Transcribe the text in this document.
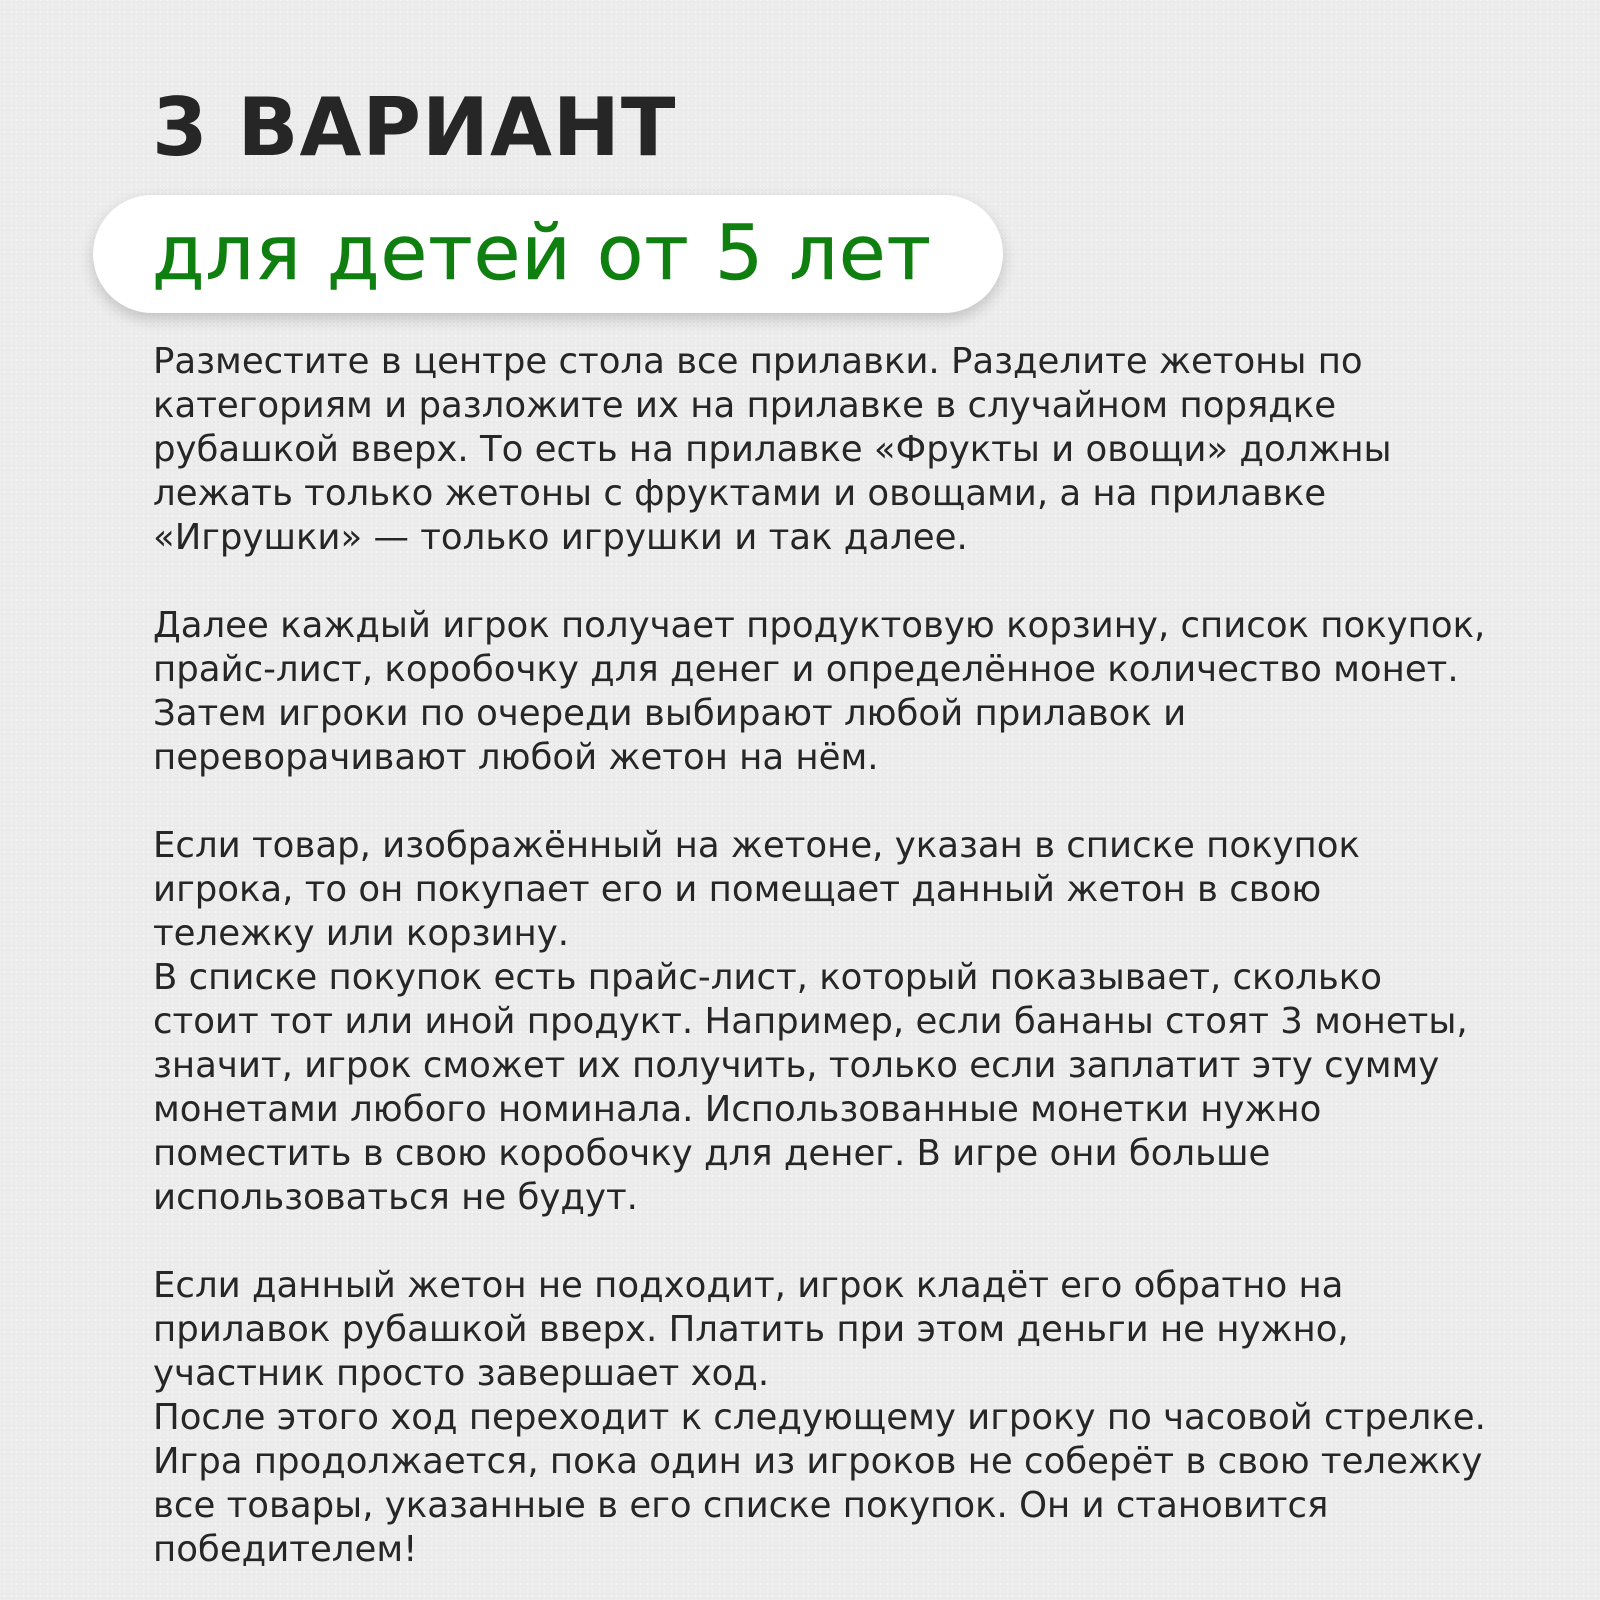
3 ВАРИАНТ
для детей от 5 лет

Разместите в центре стола все прилавки. Разделите жетоны по категориям и разложите их на прилавке в случайном порядке рубашкой вверх. То есть на прилавке «Фрукты и овощи» должны лежать только жетоны с фруктами и овощами, а на прилавке «Игрушки» — только игрушки и так далее.

Далее каждый игрок получает продуктовую корзину, список покупок, прайс-лист, коробочку для денег и определённое количество монет. Затем игроки по очереди выбирают любой прилавок и переворачивают любой жетон на нём.

Если товар, изображённый на жетоне, указан в списке покупок игрока, то он покупает его и помещает данный жетон в свою тележку или корзину.

В списке покупок есть прайс-лист, который показывает, сколько стоит тот или иной продукт. Например, если бананы стоят 3 монеты, значит, игрок сможет их получить, только если заплатит эту сумму монетами любого номинала. Использованные монетки нужно поместить в свою коробочку для денег. В игре они больше использоваться не будут.

Если данный жетон не подходит, игрок кладёт его обратно на прилавок рубашкой вверх. Платить при этом деньги не нужно, участник просто завершает ход.

После этого ход переходит к следующему игроку по часовой стрелке. Игра продолжается, пока один из игроков не соберёт в свою тележку все товары, указанные в его списке покупок. Он и становится победителем!
